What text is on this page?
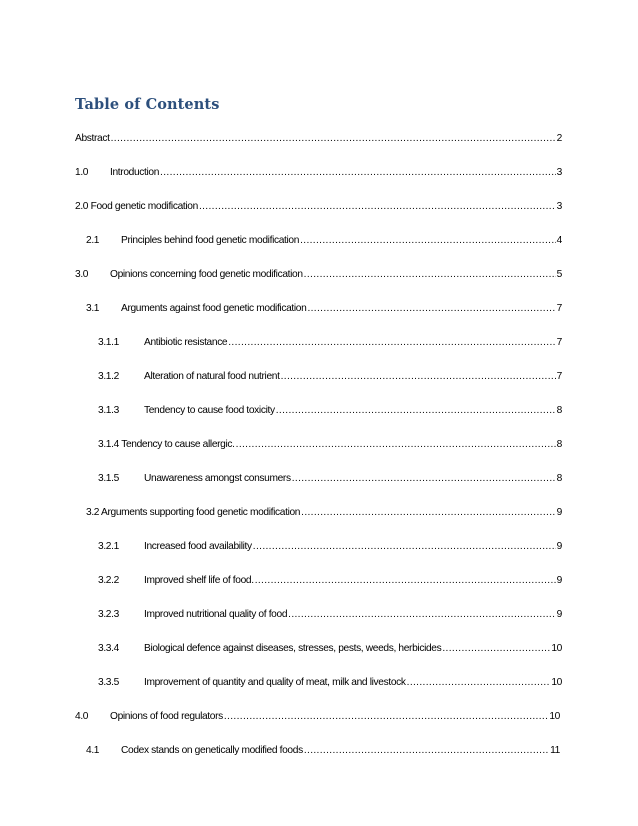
Table of Contents
Abstract .....	2
1.0	Introduction .....	3
2.0 Food genetic modification .....	3
2.1	Principles behind food genetic modification .....	4
3.0	Opinions concerning food genetic modification .....	5
3.1	Arguments against food genetic modification .....	7
3.1.1	Antibiotic resistance .....	7
3.1.2	Alteration of natural food nutrient .....	7
3.1.3	Tendency to cause food toxicity .....	8
3.1.4 Tendency to cause allergic. .....	8
3.1.5	Unawareness amongst consumers .....	8
3.2 Arguments supporting food genetic modification .....	9
3.2.1	Increased food availability .....	9
3.2.2	Improved shelf life of food. .....	9
3.2.3	Improved nutritional quality of food .....	9
3.3.4	Biological defence against diseases, stresses, pests, weeds, herbicides .....	10
3.3.5	Improvement of quantity and quality of meat, milk and livestock .....	10
4.0	Opinions of food regulators .....	10
4.1	Codex stands on genetically modified foods .....	11
